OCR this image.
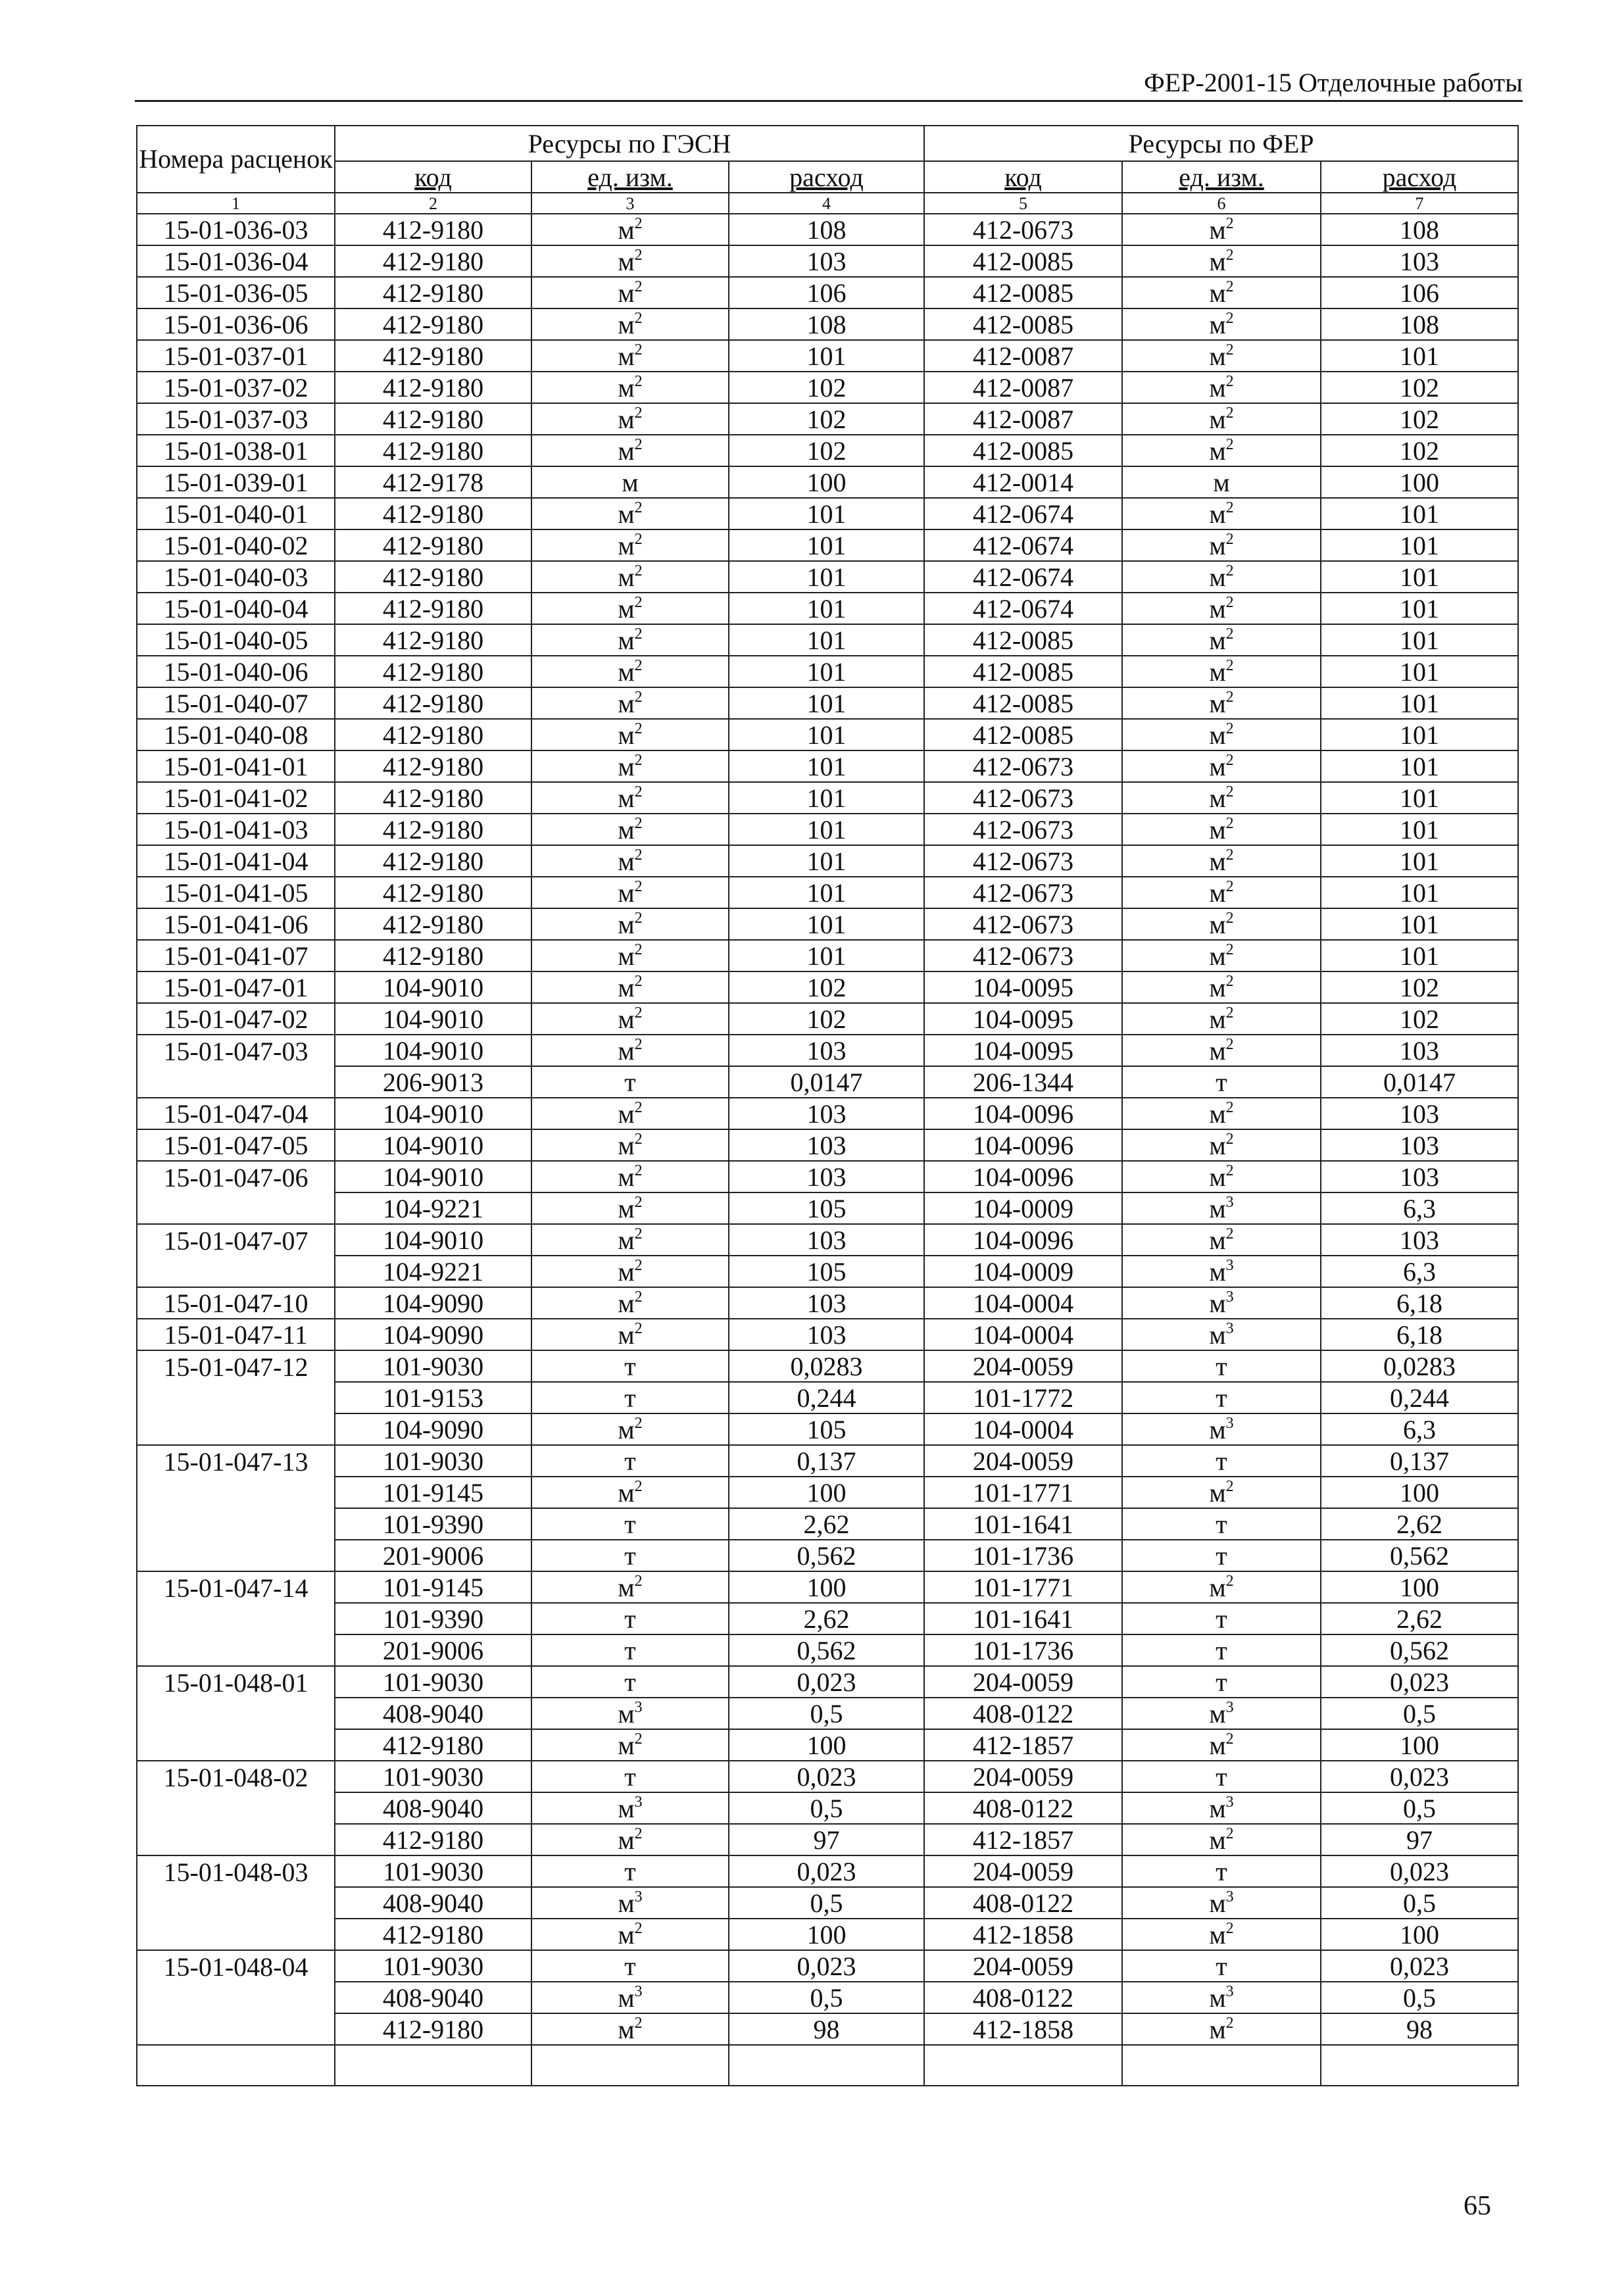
ФЕР-2001-15 Отделочные работы
Номера расценок	Ресурсы по ГЭСН			Ресурсы по ФЕР		
	код	ед. изм.	расход	код	ед. изм.	расход
1	2	3	4	5	6	7
15-01-036-03	412-9180	$м^2$	108	412-0673	$м^2$	108
15-01-036-04	412-9180	$м^2$	103	412-0085	$м^2$	103
15-01-036-05	412-9180	$м^2$	106	412-0085	$м^2$	106
15-01-036-06	412-9180	$м^2$	108	412-0085	$м^2$	108
15-01-037-01	412-9180	$м^2$	101	412-0087	$м^2$	101
15-01-037-02	412-9180	$м^2$	102	412-0087	$м^2$	102
15-01-037-03	412-9180	$м^2$	102	412-0087	$м^2$	102
15-01-038-01	412-9180	$м^2$	102	412-0085	$м^2$	102
15-01-039-01	412-9178	м	100	412-0014	м	100
15-01-040-01	412-9180	$м^2$	101	412-0674	$м^2$	101
15-01-040-02	412-9180	$м^2$	101	412-0674	$м^2$	101
15-01-040-03	412-9180	$м^2$	101	412-0674	$м^2$	101
15-01-040-04	412-9180	$м^2$	101	412-0674	$м^2$	101
15-01-040-05	412-9180	$м^2$	101	412-0085	$м^2$	101
15-01-040-06	412-9180	$м^2$	101	412-0085	$м^2$	101
15-01-040-07	412-9180	$м^2$	101	412-0085	$м^2$	101
15-01-040-08	412-9180	$м^2$	101	412-0085	$м^2$	101
15-01-041-01	412-9180	$м^2$	101	412-0673	$м^2$	101
15-01-041-02	412-9180	$м^2$	101	412-0673	$м^2$	101
15-01-041-03	412-9180	$м^2$	101	412-0673	$м^2$	101
15-01-041-04	412-9180	$м^2$	101	412-0673	$м^2$	101
15-01-041-05	412-9180	$м^2$	101	412-0673	$м^2$	101
15-01-041-06	412-9180	$м^2$	101	412-0673	$м^2$	101
15-01-041-07	412-9180	$м^2$	101	412-0673	$м^2$	101
15-01-047-01	104-9010	$м^2$	102	104-0095	$м^2$	102
15-01-047-02	104-9010	$м^2$	102	104-0095	$м^2$	102
15-01-047-03	104-9010	$м^2$	103	104-0095	$м^2$	103
	206-9013	т	0,0147	206-1344	т	0,0147
15-01-047-04	104-9010	$м^2$	103	104-0096	$м^2$	103
15-01-047-05	104-9010	$м^2$	103	104-0096	$м^2$	103
15-01-047-06	104-9010	$м^2$	103	104-0096	$м^2$	103
	104-9221	$м^2$	105	104-0009	$м^3$	6,3
15-01-047-07	104-9010	$м^2$	103	104-0096	$м^2$	103
	104-9221	$м^2$	105	104-0009	$м^3$	6,3
15-01-047-10	104-9090	$м^2$	103	104-0004	$м^3$	6,18
15-01-047-11	104-9090	$м^2$	103	104-0004	$м^3$	6,18
15-01-047-12	101-9030	т	0,0283	204-0059	т	0,0283
	101-9153	т	0,244	101-1772	т	0,244
	104-9090	$м^2$	105	104-0004	$м^3$	6,3
15-01-047-13	101-9030	т	0,137	204-0059	т	0,137
	101-9145	$м^2$	100	101-1771	$м^2$	100
	101-9390	т	2,62	101-1641	т	2,62
	201-9006	т	0,562	101-1736	т	0,562
15-01-047-14	101-9145	$м^2$	100	101-1771	$м^2$	100
	101-9390	т	2,62	101-1641	т	2,62
	201-9006	т	0,562	101-1736	т	0,562
15-01-048-01	101-9030	т	0,023	204-0059	т	0,023
	408-9040	$м^3$	0,5	408-0122	$м^3$	0,5
	412-9180	$м^2$	100	412-1857	$м^2$	100
15-01-048-02	101-9030	т	0,023	204-0059	т	0,023
	408-9040	$м^3$	0,5	408-0122	$м^3$	0,5
	412-9180	$м^2$	97	412-1857	$м^2$	97
15-01-048-03	101-9030	т	0,023	204-0059	т	0,023
	408-9040	$м^3$	0,5	408-0122	$м^3$	0,5
	412-9180	$м^2$	100	412-1858	$м^2$	100
15-01-048-04	101-9030	т	0,023	204-0059	т	0,023
	408-9040	$м^3$	0,5	408-0122	$м^3$	0,5
	412-9180	$м^2$	98	412-1858	$м^2$	98

65
